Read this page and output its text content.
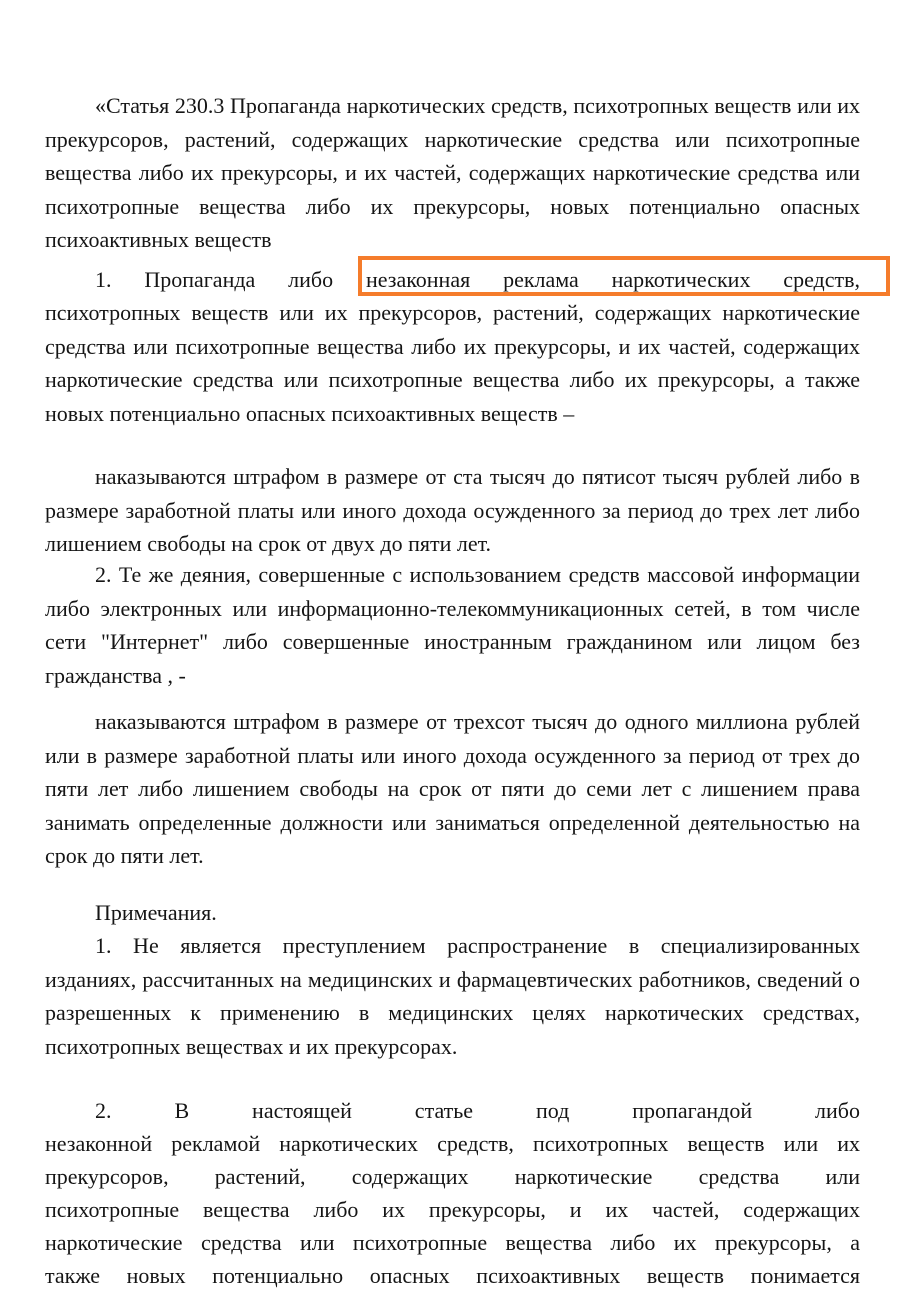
«Статья 230.3 Пропаганда наркотических средств, психотропных веществ или их прекурсоров, растений, содержащих наркотические средства или психотропные вещества либо их прекурсоры, и их частей, содержащих наркотические средства или психотропные вещества либо их прекурсоры, новых потенциально опасных психоактивных веществ

1. Пропаганда либо незаконная реклама наркотических средств,

психотропных веществ или их прекурсоров, растений, содержащих наркотические средства или психотропные вещества либо их прекурсоры, и их частей, содержащих наркотические средства или психотропные вещества либо их прекурсоры, а также новых потенциально опасных психоактивных веществ –

наказываются штрафом в размере от ста тысяч до пятисот тысяч рублей либо в размере заработной платы или иного дохода осужденного за период до трех лет либо лишением свободы на срок от двух до пяти лет.

2. Те же деяния, совершенные с использованием средств массовой информации либо электронных или информационно-телекоммуникационных сетей, в том числе сети "Интернет" либо совершенные иностранным гражданином или лицом без гражданства , -

наказываются штрафом в размере от трехсот тысяч до одного миллиона рублей или в размере заработной платы или иного дохода осужденного за период от трех до пяти лет либо лишением свободы на срок от пяти до семи лет с лишением права занимать определенные должности или заниматься определенной деятельностью на срок до пяти лет.

Примечания.

1. Не является преступлением распространение в специализированных изданиях, рассчитанных на медицинских и фармацевтических работников, сведений о разрешенных к применению в медицинских целях наркотических средствах, психотропных веществах и их прекурсорах.

2. В настоящей статье под пропагандой либо
незаконной рекламой наркотических средств, психотропных веществ или их
прекурсоров, растений, содержащих наркотические средства или
психотропные вещества либо их прекурсоры, и их частей, содержащих
наркотические средства или психотропные вещества либо их прекурсоры, а
также новых потенциально опасных психоактивных веществ понимается
